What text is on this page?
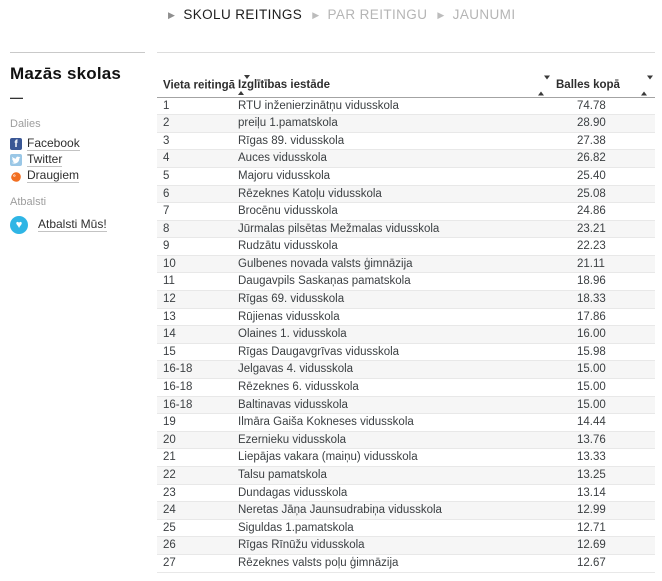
▶ SKOLU REITINGS ▶ PAR REITINGU ▶ JAUNUMI
Mazās skolas
—
Dalies
f Facebook
Twitter
Draugiem
Atbalsti
♥	Atbalsti Mūs!
Vieta reitingā	Izglītības iestāde	Balles kopā

1	RTU inženierzinātņu vidusskola	74.78
2	preiļu 1.pamatskola	28.90
3	Rīgas 89. vidusskola	27.38
4	Auces vidusskola	26.82
5	Majoru vidusskola	25.40
6	Rēzeknes Katoļu vidusskola	25.08
7	Brocēnu vidusskola	24.86
8	Jūrmalas pilsētas Mežmalas vidusskola	23.21
9	Rudzātu vidusskola	22.23
10	Gulbenes novada valsts ģimnāzija	21.11
11	Daugavpils Saskaņas pamatskola	18.96
12	Rīgas 69. vidusskola	18.33
13	Rūjienas vidusskola	17.86
14	Olaines 1. vidusskola	16.00
15	Rīgas Daugavgrīvas vidusskola	15.98
16-18	Jelgavas 4. vidusskola	15.00
16-18	Rēzeknes 6. vidusskola	15.00
16-18	Baltinavas vidusskola	15.00
19	Ilmāra Gaiša Kokneses vidusskola	14.44
20	Ezernieku vidusskola	13.76
21	Liepājas vakara (maiņu) vidusskola	13.33
22	Talsu pamatskola	13.25
23	Dundagas vidusskola	13.14
24	Neretas Jāņa Jaunsudrabiņa vidusskola	12.99
25	Siguldas 1.pamatskola	12.71
26	Rīgas Rīnūžu vidusskola	12.69
27	Rēzeknes valsts poļu ģimnāzija	12.67
